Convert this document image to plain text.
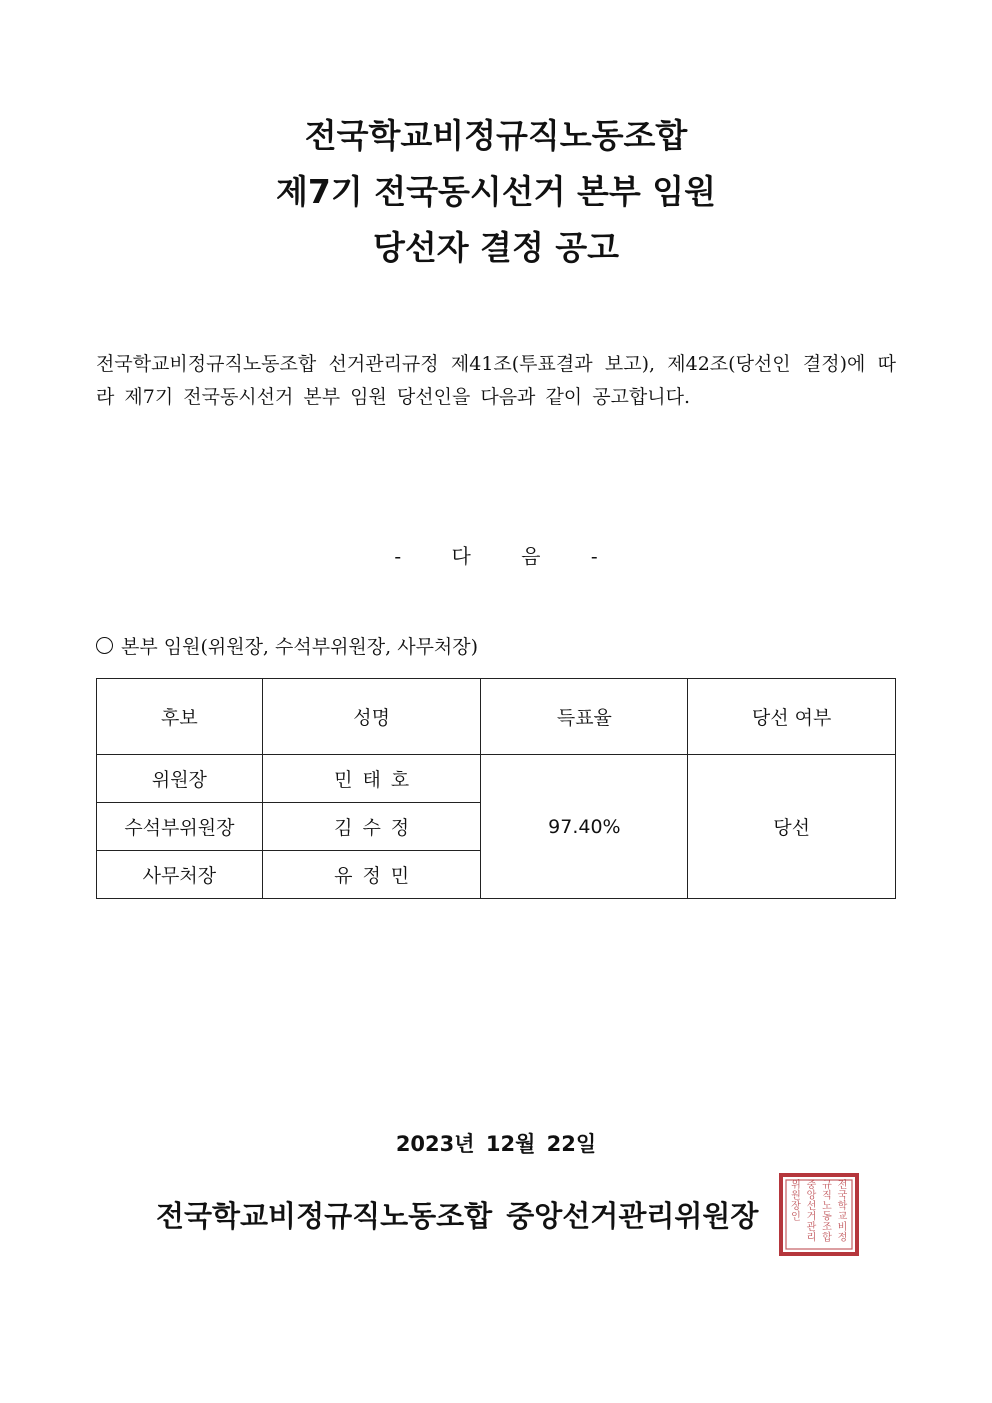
전국학교비정규직노동조합
제7기 전국동시선거 본부 임원
당선자 결정 공고
전국학교비정규직노동조합 선거관리규정 제41조(투표결과 보고), 제42조(당선인 결정)에 따라 제7기 전국동시선거 본부 임원 당선인을 다음과 같이 공고합니다.
- 다 음 -
본부 임원(위원장, 수석부위원장, 사무처장)
후보	성명	득표율	당선 여부
위원장	민태호	97.40%	당선
수석부위원장	김수정		
사무처장	유정민		
2023년 12월 22일
전국학교비정규직노동조합 중앙선거관리위원장
전
국
학
교
비
정
규
직
노
동
조
합
중
앙
선
거
관
리
위
원
장
인
